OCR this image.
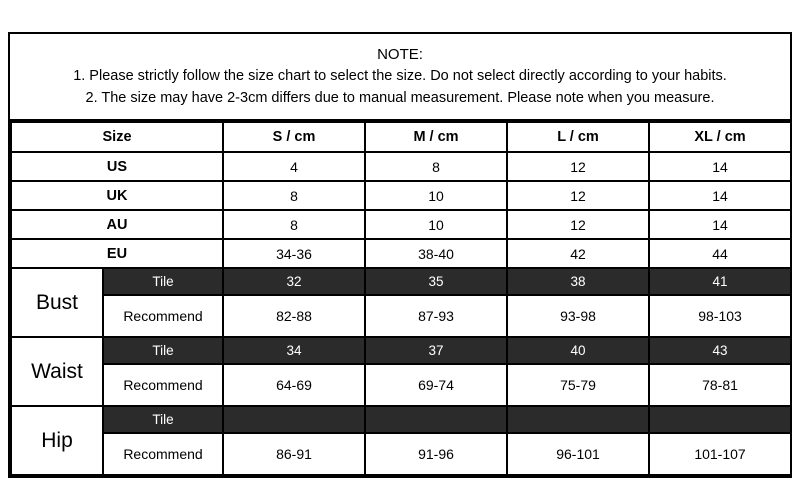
NOTE:
1. Please strictly follow the size chart to select the size. Do not select directly according to your habits.
2. The size may have 2-3cm differs due to manual measurement. Please note when you measure.
Size		S / cm	M / cm	L / cm	XL / cm
US		4	8	12	14
UK		8	10	12	14
AU		8	10	12	14
EU		34-36	38-40	42	44
Bust	Tile	32	35	38	41
	Recommend	82-88	87-93	93-98	98-103
Waist	Tile	34	37	40	43
	Recommend	64-69	69-74	75-79	78-81
Hip	Tile				
	Recommend	86-91	91-96	96-101	101-107
